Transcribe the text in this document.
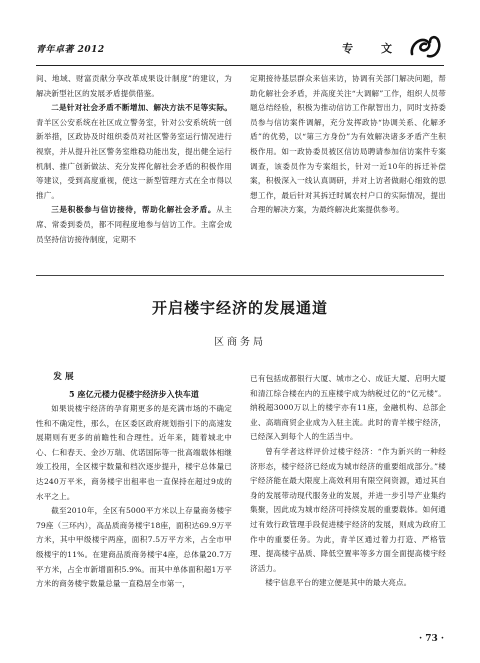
青年卓著 2012	专 文

间、地域、财富贡献分享改革成果设计制度”的建议，为解决新型社区的发展矛盾提供借鉴。

二是针对社会矛盾不断增加、解决方法不足等实际。青羊区公安系统在社区成立警务室，针对公安系统统一创新举措，区政协及时组织委员对社区警务室运行情况进行视察，并从提升社区警务室维稳功能出发，提出健全运行机制、推广创新做法、充分发挥化解社会矛盾的积极作用等建议，受到高度重视，使这一新型管理方式在全市得以推广。

三是积极参与信访接待，帮助化解社会矛盾。从主席、常委到委员，都不同程度地参与信访工作。主席会成员坚持信访接待制度，定期不

定期接待基层群众来信来访，协调有关部门解决问题，帮助化解社会矛盾，并高度关注“大调解”工作，组织人员带题总结经验，积极为推动信访工作献智出力，同时支持委员参与信访案件调解，充分发挥政协“协调关系、化解矛盾”的优势，以“第三方身份”为有效解决诸多矛盾产生积极作用。如一政协委员被区信访局聘请参加信访案件专案调查，该委员作为专案组长，针对一近10年的拆迁补偿案，积极深入一线认真调研，并对上访者做耐心细致的思想工作，最后针对其拆迁时属农村户口的实际情况，提出合理的解决方案，为最终解决此案提供参考。

开启楼宇经济的发展通道
区商务局
发 展
5 座亿元楼力促楼宇经济步入快车道

如果说楼宇经济的孕育期更多的是充满市场的不确定性和不确定性，那么，在区委区政府规划指引下的高速发展期则有更多的前瞻性和合理性。近年来，随着城北中心、仁和春天、金沙万瑞、优诺国际等一批高端载体相继竣工投用，全区楼宇数量和档次逐步提升，楼宇总体量已达240万平米，商务楼宇出租率也一直保持在超过9成的水平之上。

截至2010年，全区有5000平方米以上存量商务楼宇79座（三环内），高品质商务楼宇18座，面积达69.9万平方米，其中甲级楼宇两座，面积7.5万平方米，占全市甲级楼宇的11%。在建商品质商务楼宇4座，总体量20.7万平方米，占全市新增面积5.9%。而其中单体面积超1万平方米的商务楼宇数量总量一直稳居全市第一，

已有包括成都银行大厦、城市之心、成证大厦、启明大厦和清江综合楼在内的五座楼宇成为纳税过亿的“亿元楼”。纳税超3000万以上的楼宇亦有11座，金融机构、总部企业、高端商贸企业成为入驻主流。此时的青羊楼宇经济，已经深入到每个人的生活当中。

曾有学者这样评价过楼宇经济：“作为新兴的一种经济形态，楼宇经济已经成为城市经济的重要组成部分。”楼宇经济能在最大限度上高效利用有限空间资源，通过其自身的发展带动现代服务业的发展，并进一步引导产业集约集聚，因此成为城市经济可持续发展的重要载体。如何通过有效行政管理手段促进楼宇经济的发展，则成为政府工作中的重要任务。为此，青羊区通过着力打造、严格管理、提高楼宇品质、降低空置率等多方面全面提高楼宇经济活力。

楼宇信息平台的建立便是其中的最大亮点。

· 73 ·
